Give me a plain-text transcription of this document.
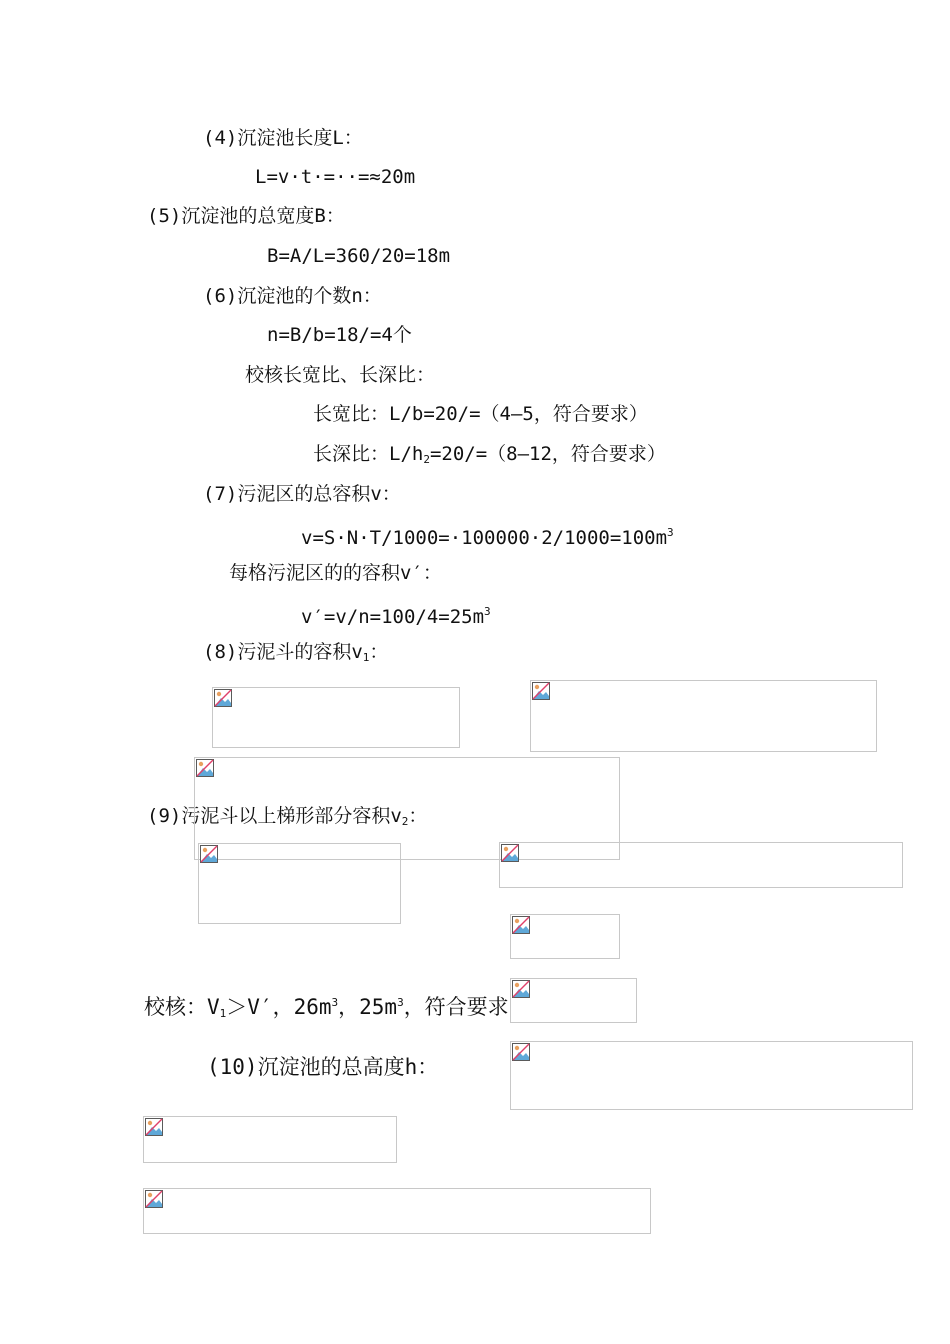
(4)沉淀池长度L：
L=v·t·=··=≈20m
(5)沉淀池的总宽度B：
B=A/L=360/20=18m
(6)沉淀池的个数n：
n=B/b=18/=4个
校核长宽比、长深比：
长宽比：L/b=20/=（4—5，符合要求）
长深比：$L/h_2=20/=(8—12$，符合要求）
(7)污泥区的总容积v：
$v=S\cdot N\cdot T/1000=\cdot 100000\cdot 2/1000=100m^3$
每格污泥区的的容积v′：
$v'=v/n=100/4=25m^3$
(8)污泥斗的容积$v_1$：
(9)污泥斗以上梯形部分容积$v_2$：
校核：$V_1>V'$，$26m^3$，$25m^3$，符合要求
(10)沉淀池的总高度h：
